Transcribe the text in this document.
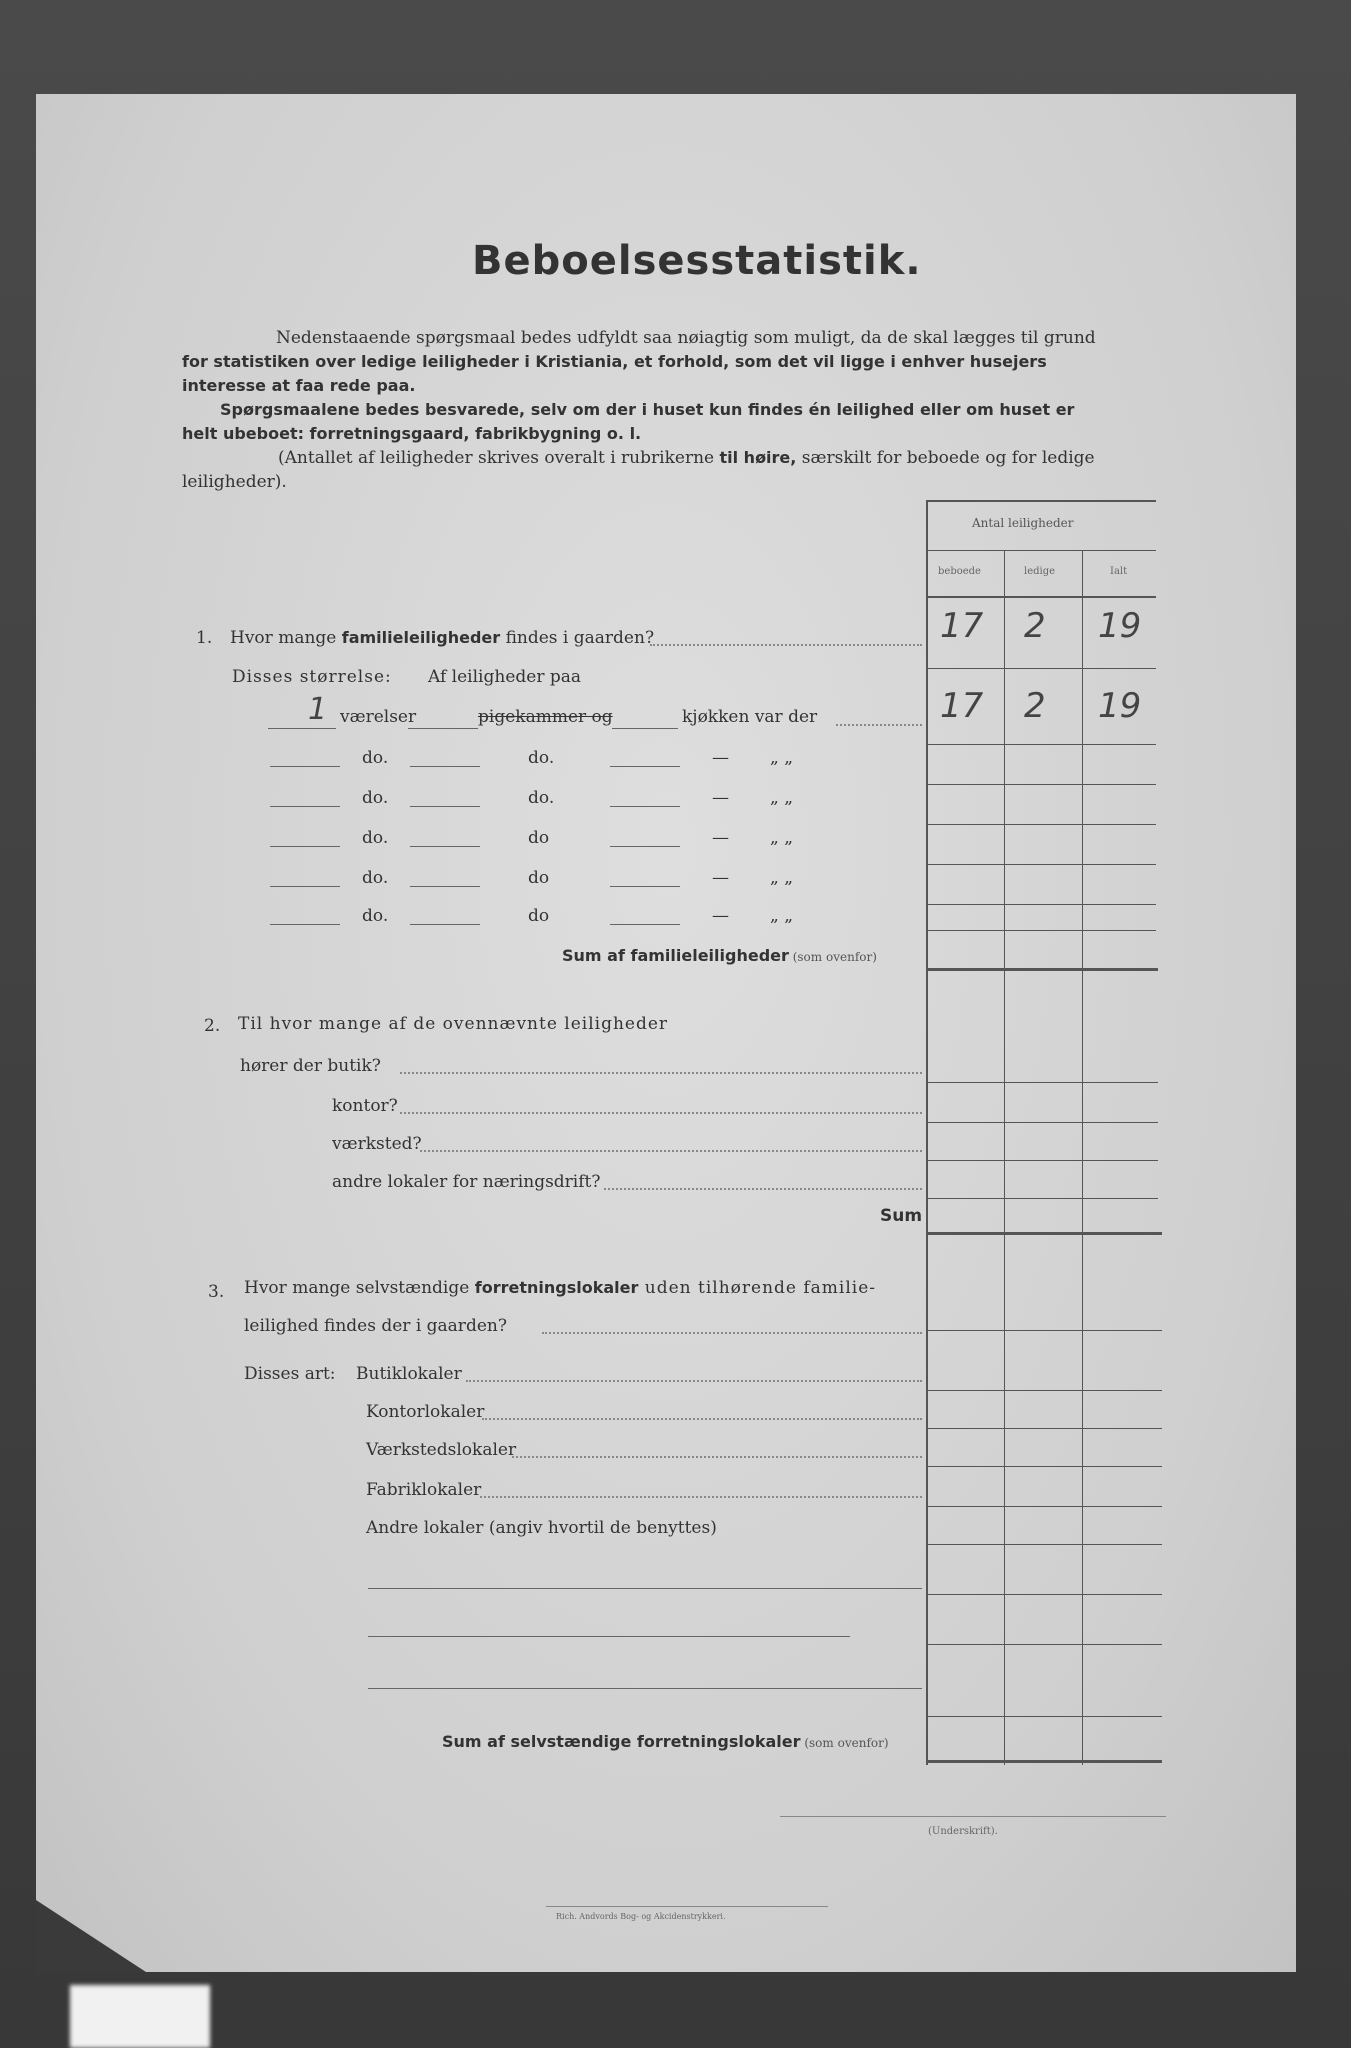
Beboelsesstatistik.
Nedenstaaende spørgsmaal bedes udfyldt saa nøiagtig som muligt, da de skal lægges til grund
for statistiken over ledige leiligheder i Kristiania, et forhold, som det vil ligge i enhver husejers
interesse at faa rede paa.
Spørgsmaalene bedes besvarede, selv om der i huset kun findes én leilighed eller om huset er
helt ubeboet: forretningsgaard, fabrikbygning o. l.
(Antallet af leiligheder skrives overalt i rubrikerne til høire, særskilt for beboede og for ledige
leiligheder).
Antal leiligheder
beboede	ledige	Ialt
1. Hvor mange familieleiligheder findes i gaarden?	17 2 19
Disses størrelse: Af leiligheder paa
1 værelser	pigekammer og	kjøkken var der	17 2 19
do.	do.	— „ „
do.	do.	— „ „
do.	do	— „ „
do.	do	— „ „
do.	do	— „ „
Sum af familieleiligheder (som ovenfor)
2. Til hvor mange af de ovennævnte leiligheder
hører der butik?
kontor?
værksted?
andre lokaler for næringsdrift?
Sum
3. Hvor mange selvstændige forretningslokaler uden tilhørende familie-
leilighed findes der i gaarden?
Disses art: Butiklokaler
Kontorlokaler
Værkstedslokaler
Fabriklokaler
Andre lokaler (angiv hvortil de benyttes)
Sum af selvstændige forretningslokaler (som ovenfor)
(Underskrift).
Rich. Andvords Bog- og Akcidenstrykkeri.
